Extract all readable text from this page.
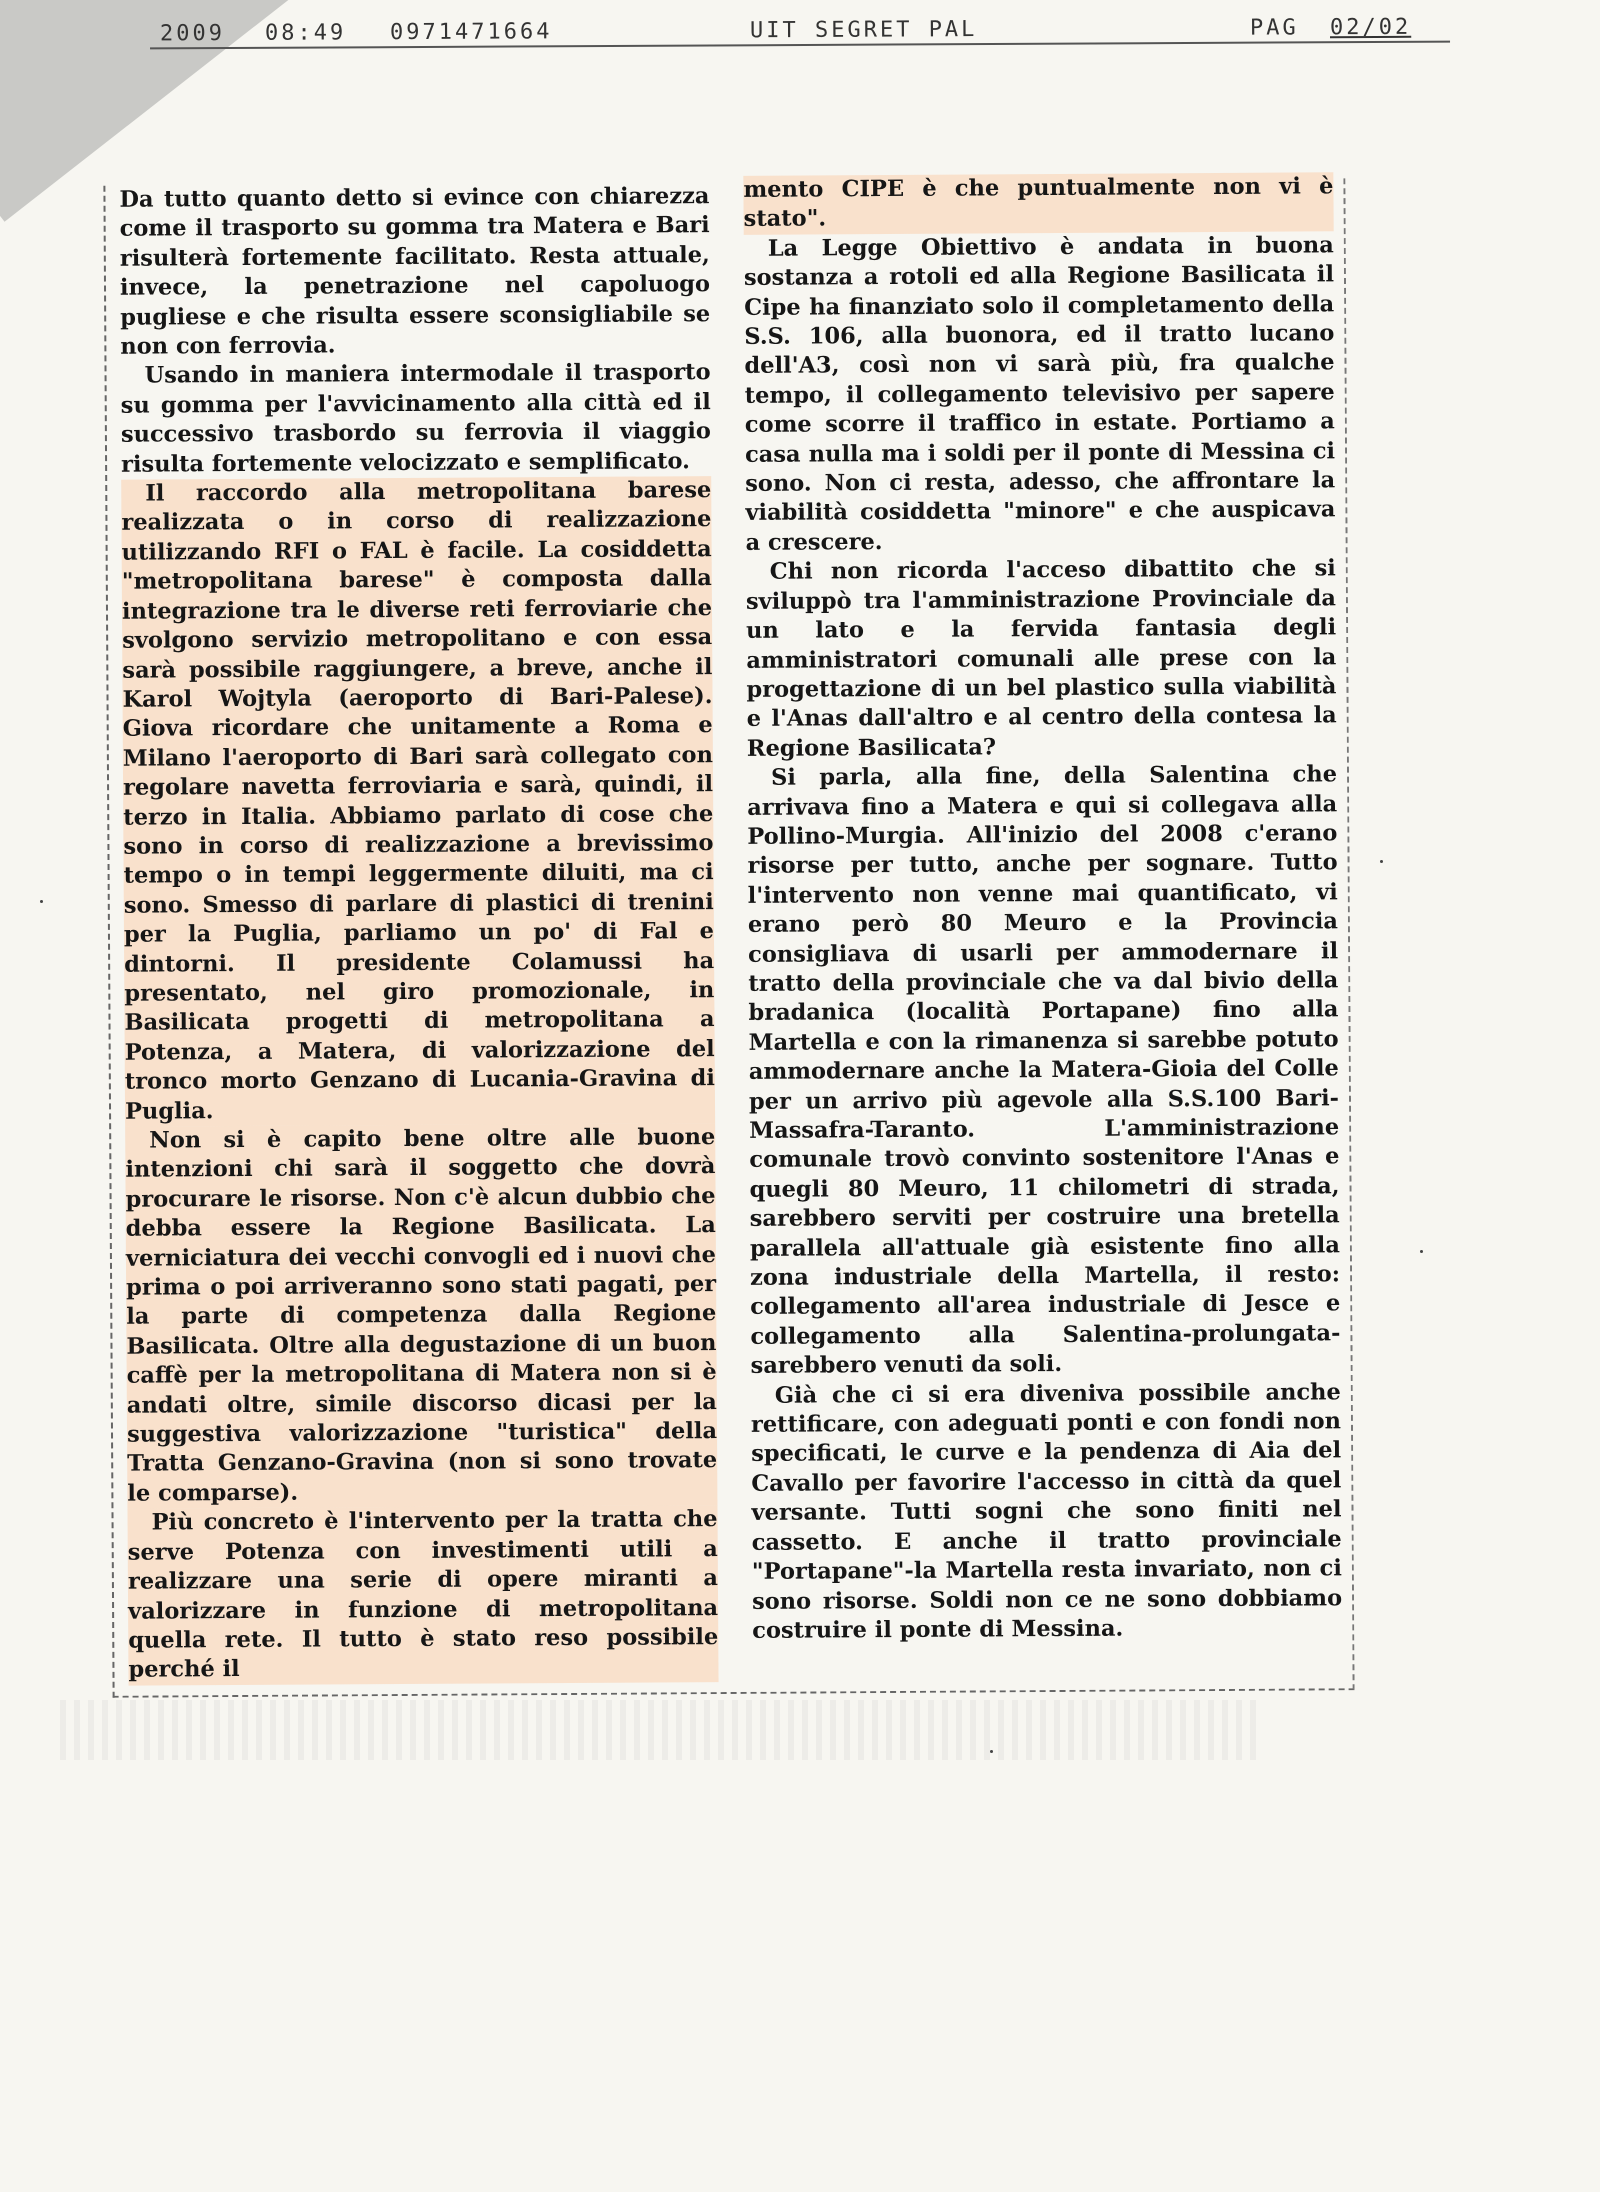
2009 08:49 0971471664	UIT SEGRET PAL	PAG 02/02

Da tutto quanto detto si evince con chiarezza come il trasporto su gomma tra Matera e Bari risulterà fortemente facilitato. Resta attuale, invece, la penetrazione nel capoluogo pugliese e che risulta essere sconsigliabile se non con ferrovia.

Usando in maniera intermodale il trasporto su gomma per l'avvicinamento alla città ed il successivo trasbordo su ferrovia il viaggio risulta fortemente velocizzato e semplificato.

Il raccordo alla metropolitana barese realizzata o in corso di realizzazione utilizzando RFI o FAL è facile. La cosiddetta "metropolitana barese" è composta dalla integrazione tra le diverse reti ferroviarie che svolgono servizio metropolitano e con essa sarà possibile raggiungere, a breve, anche il Karol Wojtyla (aeroporto di Bari-Palese). Giova ricordare che unitamente a Roma e Milano l'aeroporto di Bari sarà collegato con regolare navetta ferroviaria e sarà, quindi, il terzo in Italia. Abbiamo parlato di cose che sono in corso di realizzazione a brevissimo tempo o in tempi leggermente diluiti, ma ci sono. Smesso di parlare di plastici di trenini per la Puglia, parliamo un po' di Fal e dintorni. Il presidente Colamussi ha presentato, nel giro promozionale, in Basilicata progetti di metropolitana a Potenza, a Matera, di valorizzazione del tronco morto Genzano di Lucania-Gravina di Puglia.

Non si è capito bene oltre alle buone intenzioni chi sarà il soggetto che dovrà procurare le risorse. Non c'è alcun dubbio che debba essere la Regione Basilicata. La verniciatura dei vecchi convogli ed i nuovi che prima o poi arriveranno sono stati pagati, per la parte di competenza dalla Regione Basilicata. Oltre alla degustazione di un buon caffè per la metropolitana di Matera non si è andati oltre, simile discorso dicasi per la suggestiva valorizzazione "turistica" della Tratta Genzano-Gravina (non si sono trovate le comparse).

Più concreto è l'intervento per la tratta che serve Potenza con investimenti utili a realizzare una serie di opere miranti a valorizzare in funzione di metropolitana quella rete. Il tutto è stato reso possibile perché il

mento CIPE è che puntualmente non vi è stato".

La Legge Obiettivo è andata in buona sostanza a rotoli ed alla Regione Basilicata il Cipe ha finanziato solo il completamento della S.S. 106, alla buonora, ed il tratto lucano dell'A3, così non vi sarà più, fra qualche tempo, il collegamento televisivo per sapere come scorre il traffico in estate. Portiamo a casa nulla ma i soldi per il ponte di Messina ci sono. Non ci resta, adesso, che affrontare la viabilità cosiddetta "minore" e che auspicava a crescere.

Chi non ricorda l'acceso dibattito che si sviluppò tra l'amministrazione Provinciale da un lato e la fervida fantasia degli amministratori comunali alle prese con la progettazione di un bel plastico sulla viabilità e l'Anas dall'altro e al centro della contesa la Regione Basilicata?

Si parla, alla fine, della Salentina che arrivava fino a Matera e qui si collegava alla Pollino-Murgia. All'inizio del 2008 c'erano risorse per tutto, anche per sognare. Tutto l'intervento non venne mai quantificato, vi erano però 80 Meuro e la Provincia consigliava di usarli per ammodernare il tratto della provinciale che va dal bivio della bradanica (località Portapane) fino alla Martella e con la rimanenza si sarebbe potuto ammodernare anche la Matera-Gioia del Colle per un arrivo più agevole alla S.S.100 Bari-Massafra-Taranto. L'amministrazione comunale trovò convinto sostenitore l'Anas e quegli 80 Meuro, 11 chilometri di strada, sarebbero serviti per costruire una bretella parallela all'attuale già esistente fino alla zona industriale della Martella, il resto: collegamento all'area industriale di Jesce e collegamento alla Salentina-prolungata-sarebbero venuti da soli.

Già che ci si era diveniva possibile anche rettificare, con adeguati ponti e con fondi non specificati, le curve e la pendenza di Aia del Cavallo per favorire l'accesso in città da quel versante. Tutti sogni che sono finiti nel cassetto. E anche il tratto provinciale "Portapane"-la Martella resta invariato, non ci sono risorse. Soldi non ce ne sono dobbiamo costruire il ponte di Messina.
